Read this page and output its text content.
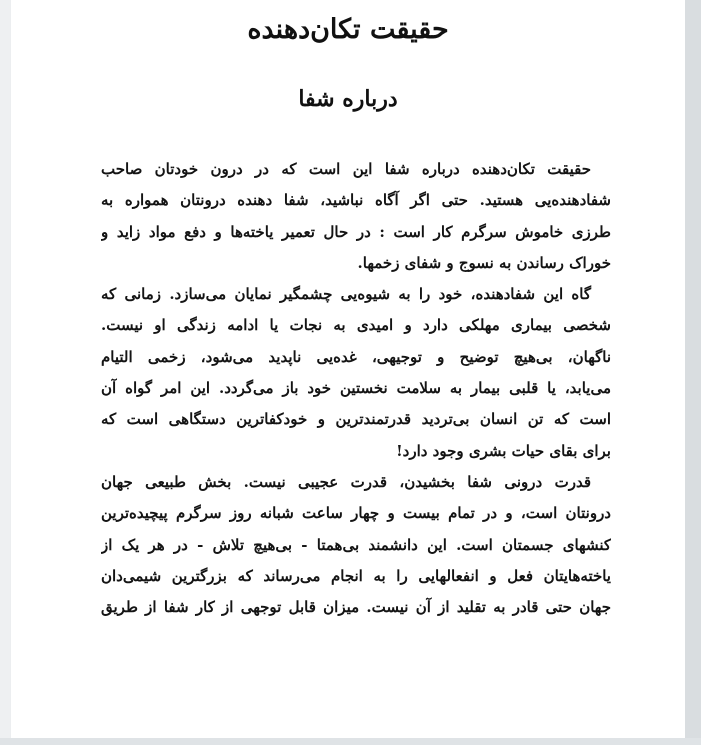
حقیقت تکان‌دهنده
درباره شفا
حقیقت تکان‌دهنده درباره شفا این است که در درون خودتان صاحب
شفادهنده‌یی هستید. حتی اگر آگاه نباشید، شفا دهنده درونتان همواره به
طرزی خاموش سرگرم کار است : در حال تعمیر یاخته‌ها و دفع مواد زاید و
خوراک رساندن به نسوج و شفای زخمها.
گاه این شفادهنده، خود را به شیوه‌یی چشمگیر نمایان می‌سازد. زمانی که
شخصی بیماری مهلکی دارد و امیدی به نجات یا ادامه زندگی او نیست.
ناگهان، بی‌هیچ توضیح و توجیهی، غده‌یی ناپدید می‌شود، زخمی التیام
می‌یابد، یا قلبی بیمار به سلامت نخستین خود باز می‌گردد. این امر گواه آن
است که تن انسان بی‌تردید قدرتمندترین و خودکفاترین دستگاهی است که
برای بقای حیات بشری وجود دارد!
قدرت درونی شفا بخشیدن، قدرت عجیبی نیست. بخش طبیعی جهان
درونتان است، و در تمام بیست و چهار ساعت شبانه روز سرگرم پیچیده‌ترین
کنشهای جسمتان است. این دانشمند بی‌همتا - بی‌هیچ تلاش - در هر یک از
یاخته‌هایتان فعل و انفعالهایی را به انجام می‌رساند که بزرگترین شیمی‌دان
جهان حتی قادر به تقلید از آن نیست. میزان قابل توجهی از کار شفا از طریق
